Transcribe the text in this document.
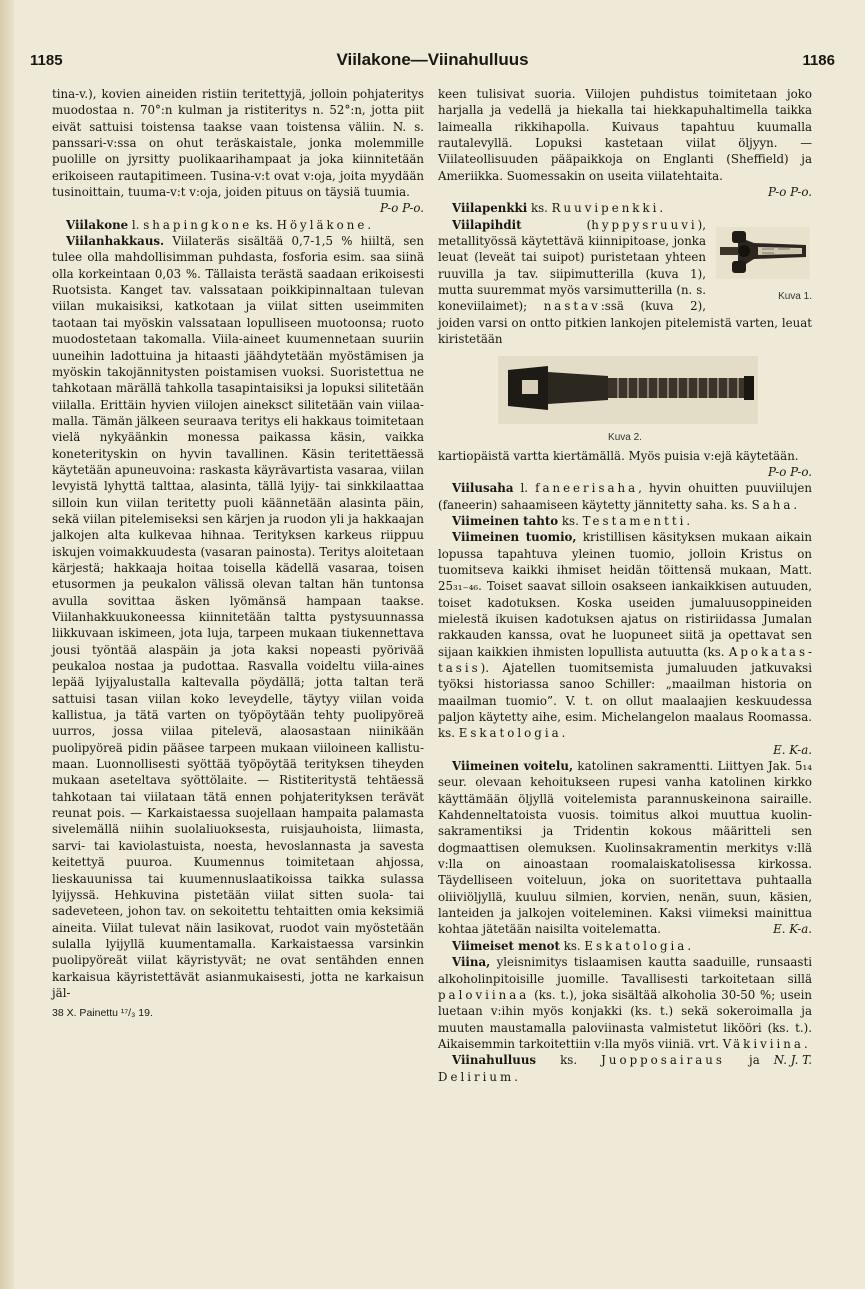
1185	Viilakone—Viinahulluus	1186

tina-v.), kovien aineiden ristiin teritettyjä, jolloin pohjateritys muodostaa n. 70°:n kulman ja ristiteritys n. 52°:n, jotta piit eivät sattuisi toistensa taakse vaan toistensa väliin. N. s. panssari-v:ssa on ohut teräskaistale, jonka molemmille puolille on jyrsitty puolikaarihampaat ja joka kiinnitetään erikoiseen rautapitimeen. Tusina-v:t ovat v:oja, joita myydään tusinoittain, tuuma-v:t v:oja, joiden pituus on täysiä tuumia.
P-o P-o.

Viilakone l. shapingkone ks. Höyläkone.

Viilanhakkaus. Viilateräs sisältää 0,7-1,5 % hiiltä, sen tulee olla mahdollisimman puhdasta, fosforia esim. saa siinä olla korkeintaan 0,03 %. Tällaista terästä saadaan erikoisesti Ruotsista. Kanget tav. valssataan poikkipinnaltaan tulevan viilan mukaisiksi, katkotaan ja viilat sitten useimmiten taotaan tai myöskin valssataan lopulliseen muotoonsa; ruoto muodostetaan takomalla. Viila-aineet kuumennetaan suuriin uuneihin ladottuina ja hitaasti jäähdytetään myöstämisen ja myöskin takojännitysten poistamisen vuoksi. Suoristettua ne tahkotaan märällä tahkolla tasapintaisiksi ja lopuksi silitetään viilalla. Erittäin hyvien viilojen aineksct silitetään vain viilaamalla. Tämän jälkeen seuraava teritys eli hakkaus toimitetaan vielä nykyäänkin monessa paikassa käsin, vaikka koneterityskin on hyvin tavallinen. Käsin teritettäessä käytetään apuneuvoina: raskasta käyrävartista vasaraa, viilan levyistä lyhyttä talttaa, alasinta, tällä lyijy- tai sinkkilaattaa silloin kun viilan teritetty puoli käännetään alasinta päin, sekä viilan pitelemiseksi sen kärjen ja ruodon yli ja hakkaajan jalkojen alta kulkevaa hihnaa. Terityksen karkeus riippuu iskujen voimakkuudesta (vasaran painosta). Teritys aloitetaan kärjestä; hakkaaja hoitaa toisella kädellä vasaraa, toisen etusormen ja peukalon välissä olevan taltan hän tuntonsa avulla sovittaa äsken lyömänsä hampaan taakse. Viilanhakkuukoneessa kiinnitetään taltta pystysuunnassa liikkuvaan iskimeen, jota luja, tarpeen mukaan tiukennettava jousi työntää alaspäin ja jota kaksi nopeasti pyörivää peukaloa nostaa ja pudottaa. Rasvalla voideltu viila-aines lepää lyijyalustalla kaltevalla pöydällä; jotta taltan terä sattuisi tasan viilan koko leveydelle, täytyy viilan voida kallistua, ja tätä varten on työpöytään tehty puolipyöreä uurros, jossa viilaa pitelevä, alaosastaan niinikään puolipyöreä pidin pääsee tarpeen mukaan viiloineen kallistumaan. Luonnollisesti syöttää työpöytää terityksen tiheyden mukaan aseteltava syöttölaite. — Ristiteritystä tehtäessä tahkotaan tai viilataan tätä ennen pohjaterityksen terävät reunat pois. — Karkaistaessa suojellaan hampaita palamasta sivelemällä niihin suolaliuoksesta, ruisjauhoista, liimasta, sarvi- tai kaviolastuista, noesta, hevoslannasta ja savesta keitettyä puuroa. Kuumennus toimitetaan ahjossa, lieskauunissa tai kuumennuslaatikoissa taikka sulassa lyijyssä. Hehkuvina pistetään viilat sitten suola- tai sadeveteen, johon tav. on sekoitettu tehtaitten omia keksimiä aineita. Viilat tulevat näin lasikovat, ruodot vain myöstetään sulalla lyijyllä kuumentamalla. Karkaistaessa varsinkin puolipyöreät viilat käyristyvät; ne ovat sentähden ennen karkaisua käyristettävät asianmukaisesti, jotta ne karkaisun jäl-

38 X. Painettu ¹⁷/₃ 19.

keen tulisivat suoria. Viilojen puhdistus toimitetaan joko harjalla ja vedellä ja hiekalla tai hiekkapuhaltimella taikka laimealla rikkihapolla. Kuivaus tapahtuu kuumalla rautalevyllä. Lopuksi kastetaan viilat öljyyn. — Viilateollisuuden pääpaikkoja on Englanti (Sheffield) ja Ameriikka. Suomessakin on useita viilatehtaita.
P-o P-o.

Viilapenkki ks. Ruuvipenkki.

Kuva 1.
Viilapihdit (hyppysruuvi), metallityössä käytettävä kiinnipitoase, jonka leuat (leveät tai suipot) puristetaan yhteen ruuvilla ja tav. siipimutterilla (kuva 1), mutta suuremmat myös varsimutterilla (n. s. koneviilaimet); nastav:ssä (kuva 2), joiden varsi on ontto pitkien lankojen pitelemistä varten, leuat kiristetään
Kuva 2.

kartiopäistä vartta kiertämällä. Myös puisia v:ejä käytetään.
P-o P-o.

Viilusaha l. faneerisaha, hyvin ohuitten puuviilujen (faneerin) sahaamiseen käytetty jännitetty saha. ks. Saha.

Viimeinen tahto ks. Testamentti.

Viimeinen tuomio, kristillisen käsityksen mukaan aikain lopussa tapahtuva yleinen tuomio, jolloin Kristus on tuomitseva kaikki ihmiset heidän töittensä mukaan, Matt. 25₃₁₋₄₆. Toiset saavat silloin osakseen iankaikkisen autuuden, toiset kadotuksen. Koska useiden jumaluusoppineiden mielestä ikuisen kadotuksen ajatus on ristiriidassa Jumalan rakkauden kanssa, ovat he luopuneet siitä ja opettavat sen sijaan kaikkien ihmisten lopullista autuutta (ks. Apokatastasis). Ajatellen tuomitsemista jumaluuden jatkuvaksi työksi historiassa sanoo Schiller: „maailman historia on maailman tuomio”. V. t. on ollut maalaajien keskuudessa paljon käytetty aihe, esim. Michelangelon maalaus Roomassa. ks. Eskatologia.
E. K-a.

Viimeinen voitelu, katolinen sakramentti. Liittyen Jak. 5₁₄ seur. olevaan kehoitukseen rupesi vanha katolinen kirkko käyttämään öljyllä voitelemista parannuskeinona sairaille. Kahdenneltatoista vuosis. toimitus alkoi muuttua kuolinsakramentiksi ja Tridentin kokous määritteli sen dogmaattisen olemuksen. Kuolinsakramentin merkitys v:llä v:lla on ainoastaan roomalaiskatolisessa kirkossa. Täydelliseen voiteluun, joka on suoritettava puhtaalla oliiviöljyllä, kuuluu silmien, korvien, nenän, suun, käsien, lanteiden ja jalkojen voiteleminen. Kaksi viimeksi mainittua kohtaa jätetään naisilta voitelematta.	E. K-a.

Viimeiset menot ks. Eskatologia.

Viina, yleisnimitys tislaamisen kautta saaduille, runsaasti alkoholinpitoisille juomille. Tavallisesti tarkoitetaan sillä paloviinaa (ks. t.), joka sisältää alkoholia 30-50 %; usein luetaan v:ihin myös konjakki (ks. t.) sekä sokeroimalla ja muuten maustamalla paloviinasta valmistetut likööri (ks. t.). Aikaisemmin tarkoitettiin v:lla myös viiniä. vrt. Väkiviina.
N. J. T.

Viinahulluus ks. Juopposairaus ja Delirium.
